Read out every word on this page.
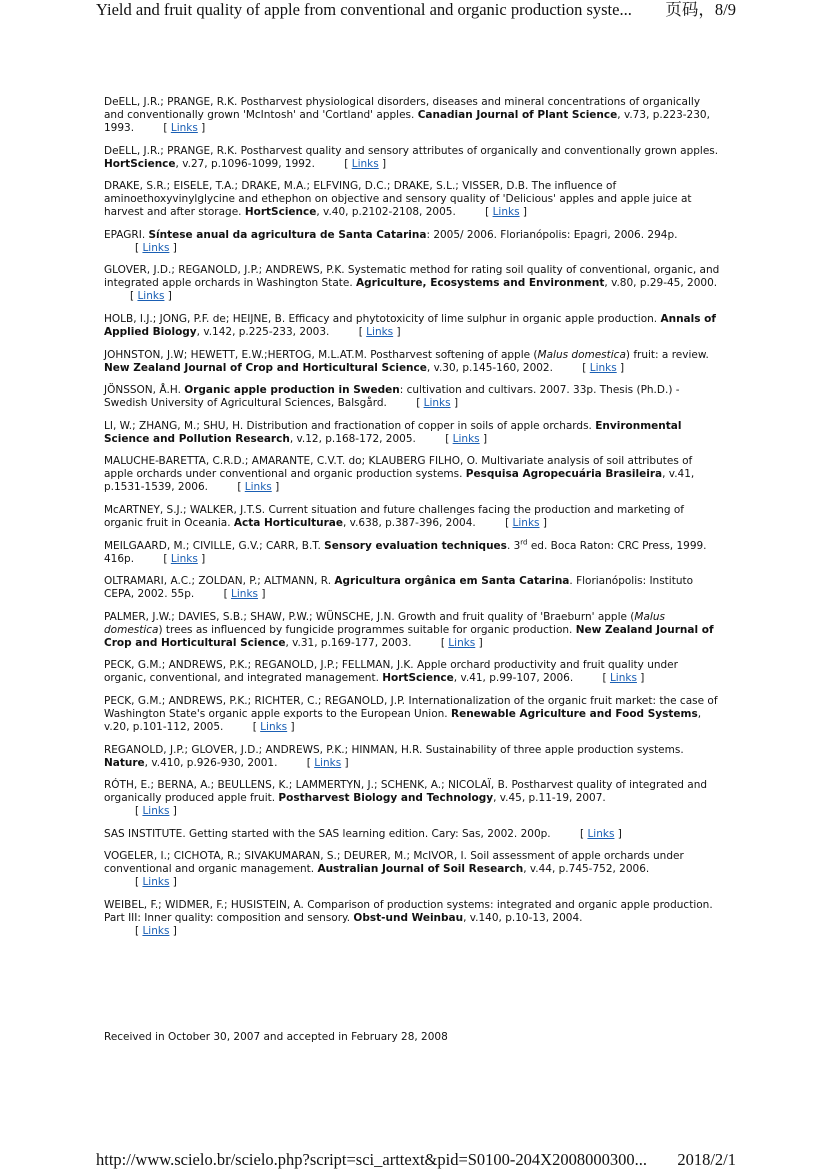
Yield and fruit quality of apple from conventional and organic production syste... 页码，8/9

DeELL, J.R.; PRANGE, R.K. Postharvest physiological disorders, diseases and mineral concentrations of organically and conventionally grown 'McIntosh' and 'Cortland' apples. Canadian Journal of Plant Science, v.73, p.223-230, 1993.	[ Links ]

DeELL, J.R.; PRANGE, R.K. Postharvest quality and sensory attributes of organically and conventionally grown apples. HortScience, v.27, p.1096-1099, 1992.	[ Links ]

DRAKE, S.R.; EISELE, T.A.; DRAKE, M.A.; ELFVING, D.C.; DRAKE, S.L.; VISSER, D.B. The influence of aminoethoxyvinylglycine and ethephon on objective and sensory quality of 'Delicious' apples and apple juice at harvest and after storage. HortScience, v.40, p.2102-2108, 2005.	[ Links ]

EPAGRI. Síntese anual da agricultura de Santa Catarina: 2005/ 2006. Florianópolis: Epagri, 2006. 294p.
[ Links ]

GLOVER, J.D.; REGANOLD, J.P.; ANDREWS, P.K. Systematic method for rating soil quality of conventional, organic, and integrated apple orchards in Washington State. Agriculture, Ecosystems and Environment, v.80, p.29-45, 2000. [ Links ]

HOLB, I.J.; JONG, P.F. de; HEIJNE, B. Efficacy and phytotoxicity of lime sulphur in organic apple production. Annals of Applied Biology, v.142, p.225-233, 2003.	[ Links ]

JOHNSTON, J.W; HEWETT, E.W.;HERTOG, M.L.AT.M. Postharvest softening of apple (Malus domestica) fruit: a review. New Zealand Journal of Crop and Horticultural Science, v.30, p.145-160, 2002.	[ Links ]

JÖNSSON, Å.H. Organic apple production in Sweden: cultivation and cultivars. 2007. 33p. Thesis (Ph.D.) - Swedish University of Agricultural Sciences, Balsgård.	[ Links ]

LI, W.; ZHANG, M.; SHU, H. Distribution and fractionation of copper in soils of apple orchards. Environmental Science and Pollution Research, v.12, p.168-172, 2005.	[ Links ]

MALUCHE-BARETTA, C.R.D.; AMARANTE, C.V.T. do; KLAUBERG FILHO, O. Multivariate analysis of soil attributes of apple orchards under conventional and organic production systems. Pesquisa Agropecuária Brasileira, v.41, p.1531-1539, 2006.	[ Links ]

McARTNEY, S.J.; WALKER, J.T.S. Current situation and future challenges facing the production and marketing of organic fruit in Oceania. Acta Horticulturae, v.638, p.387-396, 2004.	[ Links ]

MEILGAARD, M.; CIVILLE, G.V.; CARR, B.T. Sensory evaluation techniques. 3rd ed. Boca Raton: CRC Press, 1999. 416p.	[ Links ]

OLTRAMARI, A.C.; ZOLDAN, P.; ALTMANN, R. Agricultura orgânica em Santa Catarina. Florianópolis: Instituto CEPA, 2002. 55p.	[ Links ]

PALMER, J.W.; DAVIES, S.B.; SHAW, P.W.; WÜNSCHE, J.N. Growth and fruit quality of 'Braeburn' apple (Malus domestica) trees as influenced by fungicide programmes suitable for organic production. New Zealand Journal of Crop and Horticultural Science, v.31, p.169-177, 2003.	[ Links ]

PECK, G.M.; ANDREWS, P.K.; REGANOLD, J.P.; FELLMAN, J.K. Apple orchard productivity and fruit quality under organic, conventional, and integrated management. HortScience, v.41, p.99-107, 2006.	[ Links ]

PECK, G.M.; ANDREWS, P.K.; RICHTER, C.; REGANOLD, J.P. Internationalization of the organic fruit market: the case of Washington State's organic apple exports to the European Union. Renewable Agriculture and Food Systems, v.20, p.101-112, 2005.	[ Links ]

REGANOLD, J.P.; GLOVER, J.D.; ANDREWS, P.K.; HINMAN, H.R. Sustainability of three apple production systems. Nature, v.410, p.926-930, 2001.	[ Links ]

RÓTH, E.; BERNA, A.; BEULLENS, K.; LAMMERTYN, J.; SCHENK, A.; NICOLAÏ, B. Postharvest quality of integrated and organically produced apple fruit. Postharvest Biology and Technology, v.45, p.11-19, 2007.
[ Links ]

SAS INSTITUTE. Getting started with the SAS learning edition. Cary: Sas, 2002. 200p.	[ Links ]

VOGELER, I.; CICHOTA, R.; SIVAKUMARAN, S.; DEURER, M.; McIVOR, I. Soil assessment of apple orchards under conventional and organic management. Australian Journal of Soil Research, v.44, p.745-752, 2006.
[ Links ]

WEIBEL, F.; WIDMER, F.; HUSISTEIN, A. Comparison of production systems: integrated and organic apple production. Part III: Inner quality: composition and sensory. Obst-und Weinbau, v.140, p.10-13, 2004.
[ Links ]

Received in October 30, 2007 and accepted in February 28, 2008
http://www.scielo.br/scielo.php?script=sci_arttext&pid=S0100-204X2008000300... 2018/2/1
